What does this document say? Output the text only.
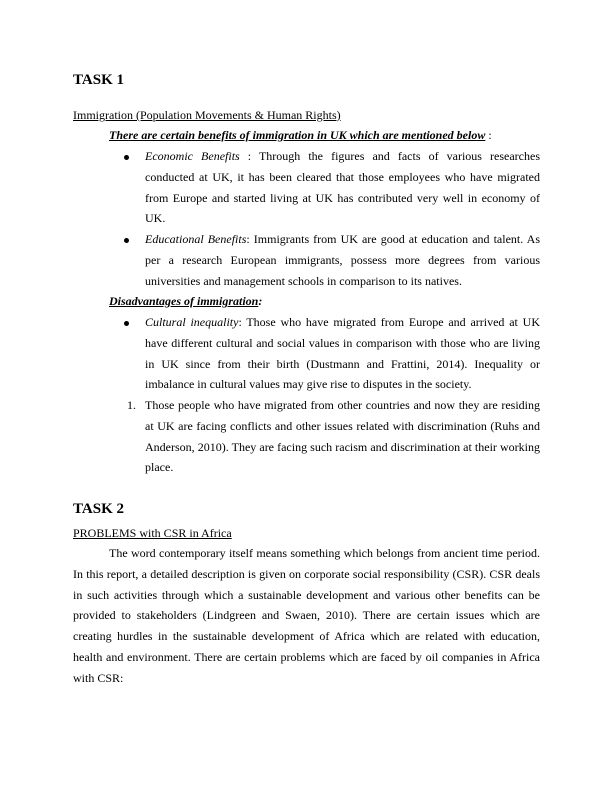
TASK 1

Immigration (Population Movements & Human Rights)

There are certain benefits of immigration in UK which are mentioned below :

Economic Benefits : Through the figures and facts of various researches conducted at UK, it has been cleared that those employees who have migrated from Europe and started living at UK has contributed very well in economy of UK.

Educational Benefits: Immigrants from UK are good at education and talent. As per a research European immigrants, possess more degrees from various universities and management schools in comparison to its natives.

Disadvantages of immigration:

Cultural inequality: Those who have migrated from Europe and arrived at UK have different cultural and social values in comparison with those who are living in UK since from their birth (Dustmann and Frattini, 2014). Inequality or imbalance in cultural values may give rise to disputes in the society.

1. Those people who have migrated from other countries and now they are residing at UK are facing conflicts and other issues related with discrimination (Ruhs and Anderson, 2010). They are facing such racism and discrimination at their working place.

TASK 2

PROBLEMS with CSR in Africa

The word contemporary itself means something which belongs from ancient time period. In this report, a detailed description is given on corporate social responsibility (CSR). CSR deals in such activities through which a sustainable development and various other benefits can be provided to stakeholders (Lindgreen and Swaen, 2010). There are certain issues which are creating hurdles in the sustainable development of Africa which are related with education, health and environment. There are certain problems which are faced by oil companies in Africa with CSR:
